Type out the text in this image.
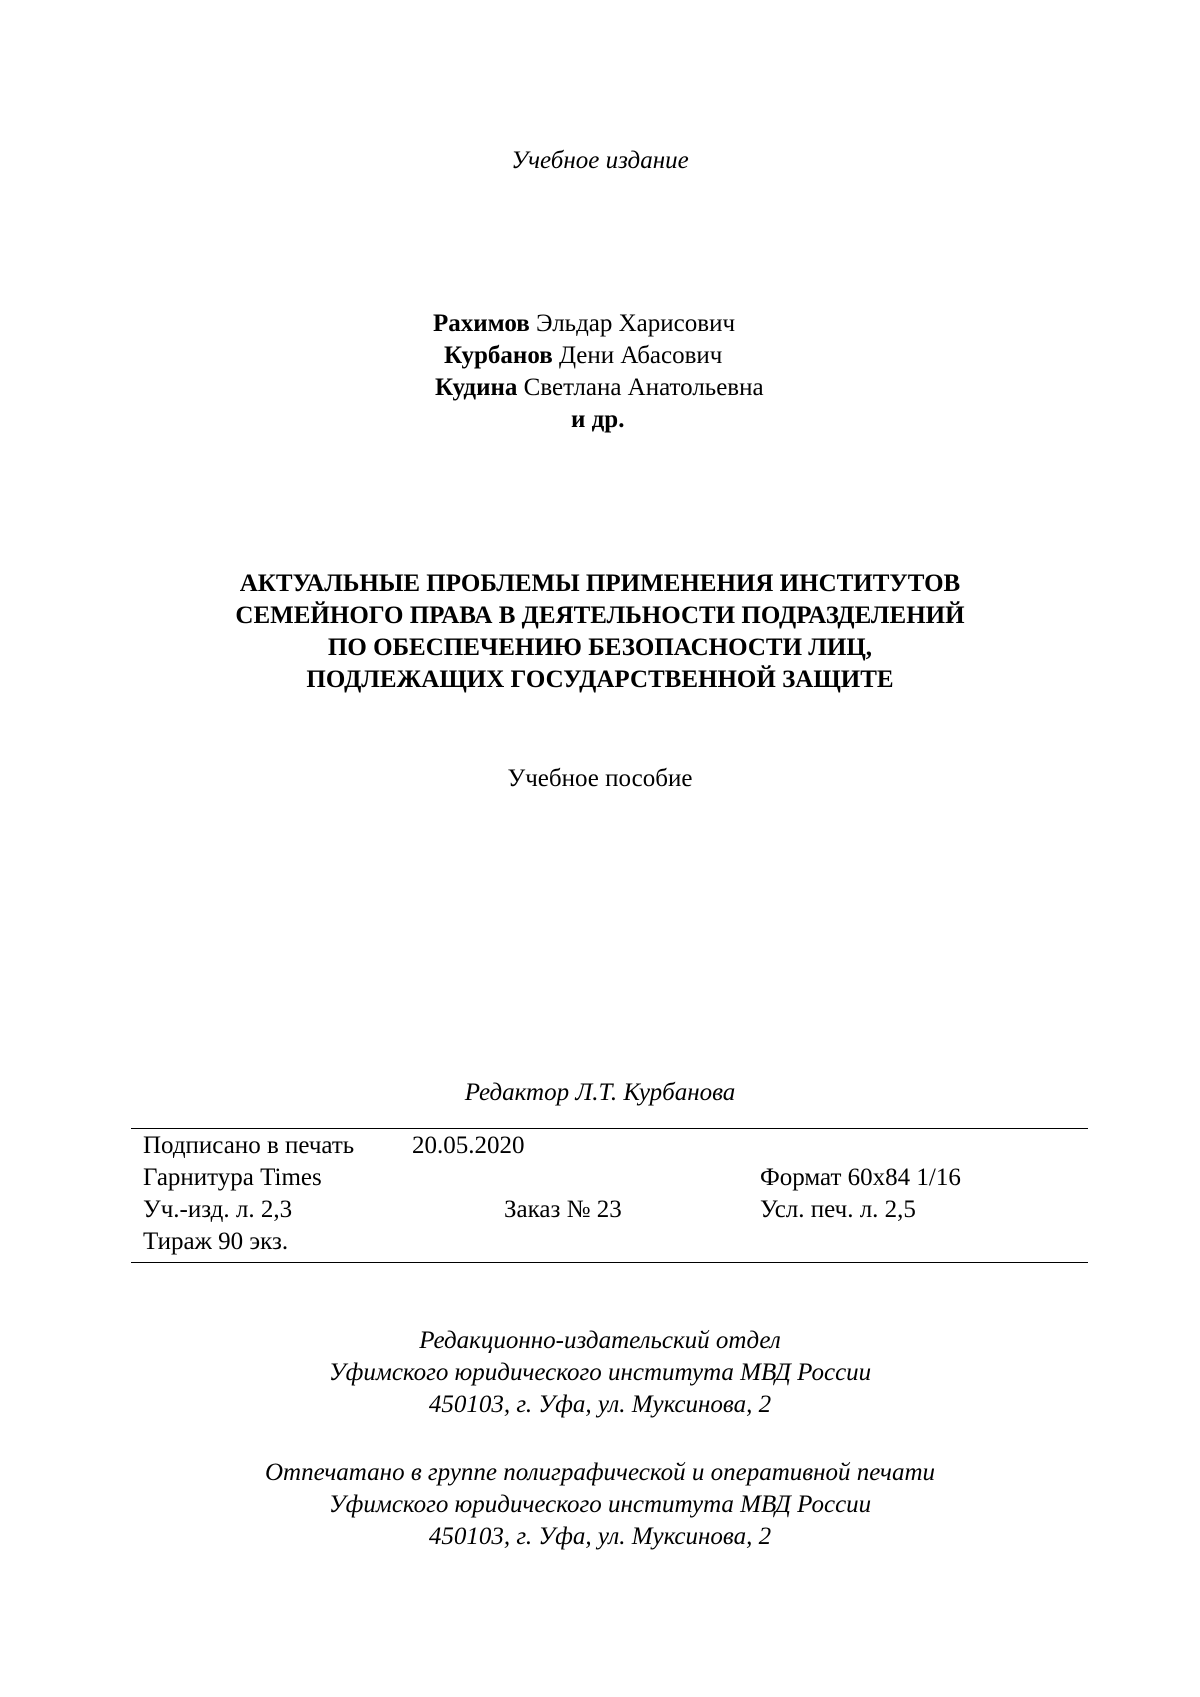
Учебное издание
Рахимов Эльдар Харисович
Курбанов Дени Абасович
Кудина Светлана Анатольевна
и др.
АКТУАЛЬНЫЕ ПРОБЛЕМЫ ПРИМЕНЕНИЯ ИНСТИТУТОВ
СЕМЕЙНОГО ПРАВА В ДЕЯТЕЛЬНОСТИ ПОДРАЗДЕЛЕНИЙ
ПО ОБЕСПЕЧЕНИЮ БЕЗОПАСНОСТИ ЛИЦ,
ПОДЛЕЖАЩИХ ГОСУДАРСТВЕННОЙ ЗАЩИТЕ
Учебное пособие
Редактор Л.Т. Курбанова
Подписано в печать 20.05.2020
Гарнитура Times	Формат 60х84 1/16
Уч.-изд. л. 2,3	Заказ № 23	Усл. печ. л. 2,5
Тираж 90 экз.
Редакционно-издательский отдел
Уфимского юридического института МВД России
450103, г. Уфа, ул. Муксинова, 2
Отпечатано в группе полиграфической и оперативной печати
Уфимского юридического института МВД России
450103, г. Уфа, ул. Муксинова, 2
